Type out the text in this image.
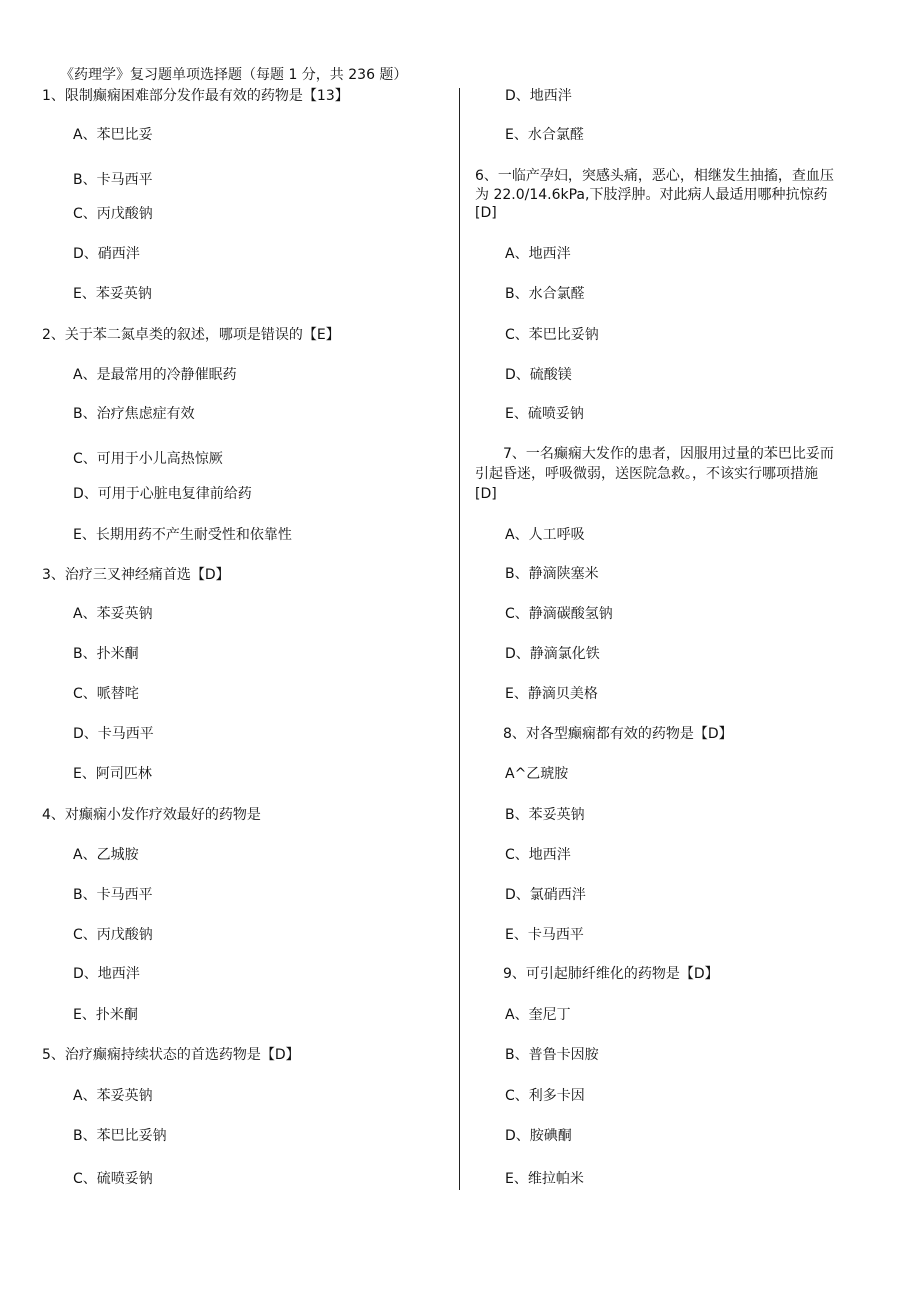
《药理学》复习题单项选择题（每题 1 分，共 236 题）
1、限制癫痫困难部分发作最有效的药物是【13】
A、苯巴比妥
B、卡马西平
C、丙戊酸钠
D、硝西泮
E、苯妥英钠
2、关于苯二氮卓类的叙述，哪项是错误的【E】
A、是最常用的冷静催眠药
B、治疗焦虑症有效
C、可用于小儿高热惊厥
D、可用于心脏电复律前给药
E、长期用药不产生耐受性和依靠性
3、治疗三叉神经痛首选【D】
A、苯妥英钠
B、扑米酮
C、哌替咤
D、卡马西平
E、阿司匹林
4、对癫痫小发作疗效最好的药物是
A、乙城胺
B、卡马西平
C、丙戊酸钠
D、地西泮
E、扑米酮
5、治疗癫痫持续状态的首选药物是【D】
A、苯妥英钠
B、苯巴比妥钠
C、硫喷妥钠
D、地西泮
E、水合氯醛
6、一临产孕妇，突感头痛，恶心，相继发生抽搐，查血压
为 22.0/14.6kPa,下肢浮肿。对此病人最适用哪种抗惊药
[D]
A、地西泮
B、水合氯醛
C、苯巴比妥钠
D、硫酸镁
E、硫喷妥钠
　　7、一名癫痫大发作的患者，因服用过量的苯巴比妥而
引起昏迷，呼吸微弱，送医院急救。，不该实行哪项措施
[D]
A、人工呼吸
B、静滴陕塞米
C、静滴碳酸氢钠
D、静滴氯化铁
E、静滴贝美格
　　8、对各型癫痫都有效的药物是【D】
A^乙琥胺
B、苯妥英钠
C、地西泮
D、氯硝西泮
E、卡马西平
　　9、可引起肺纤维化的药物是【D】
A、奎尼丁
B、普鲁卡因胺
C、利多卡因
D、胺碘酮
E、维拉帕米
